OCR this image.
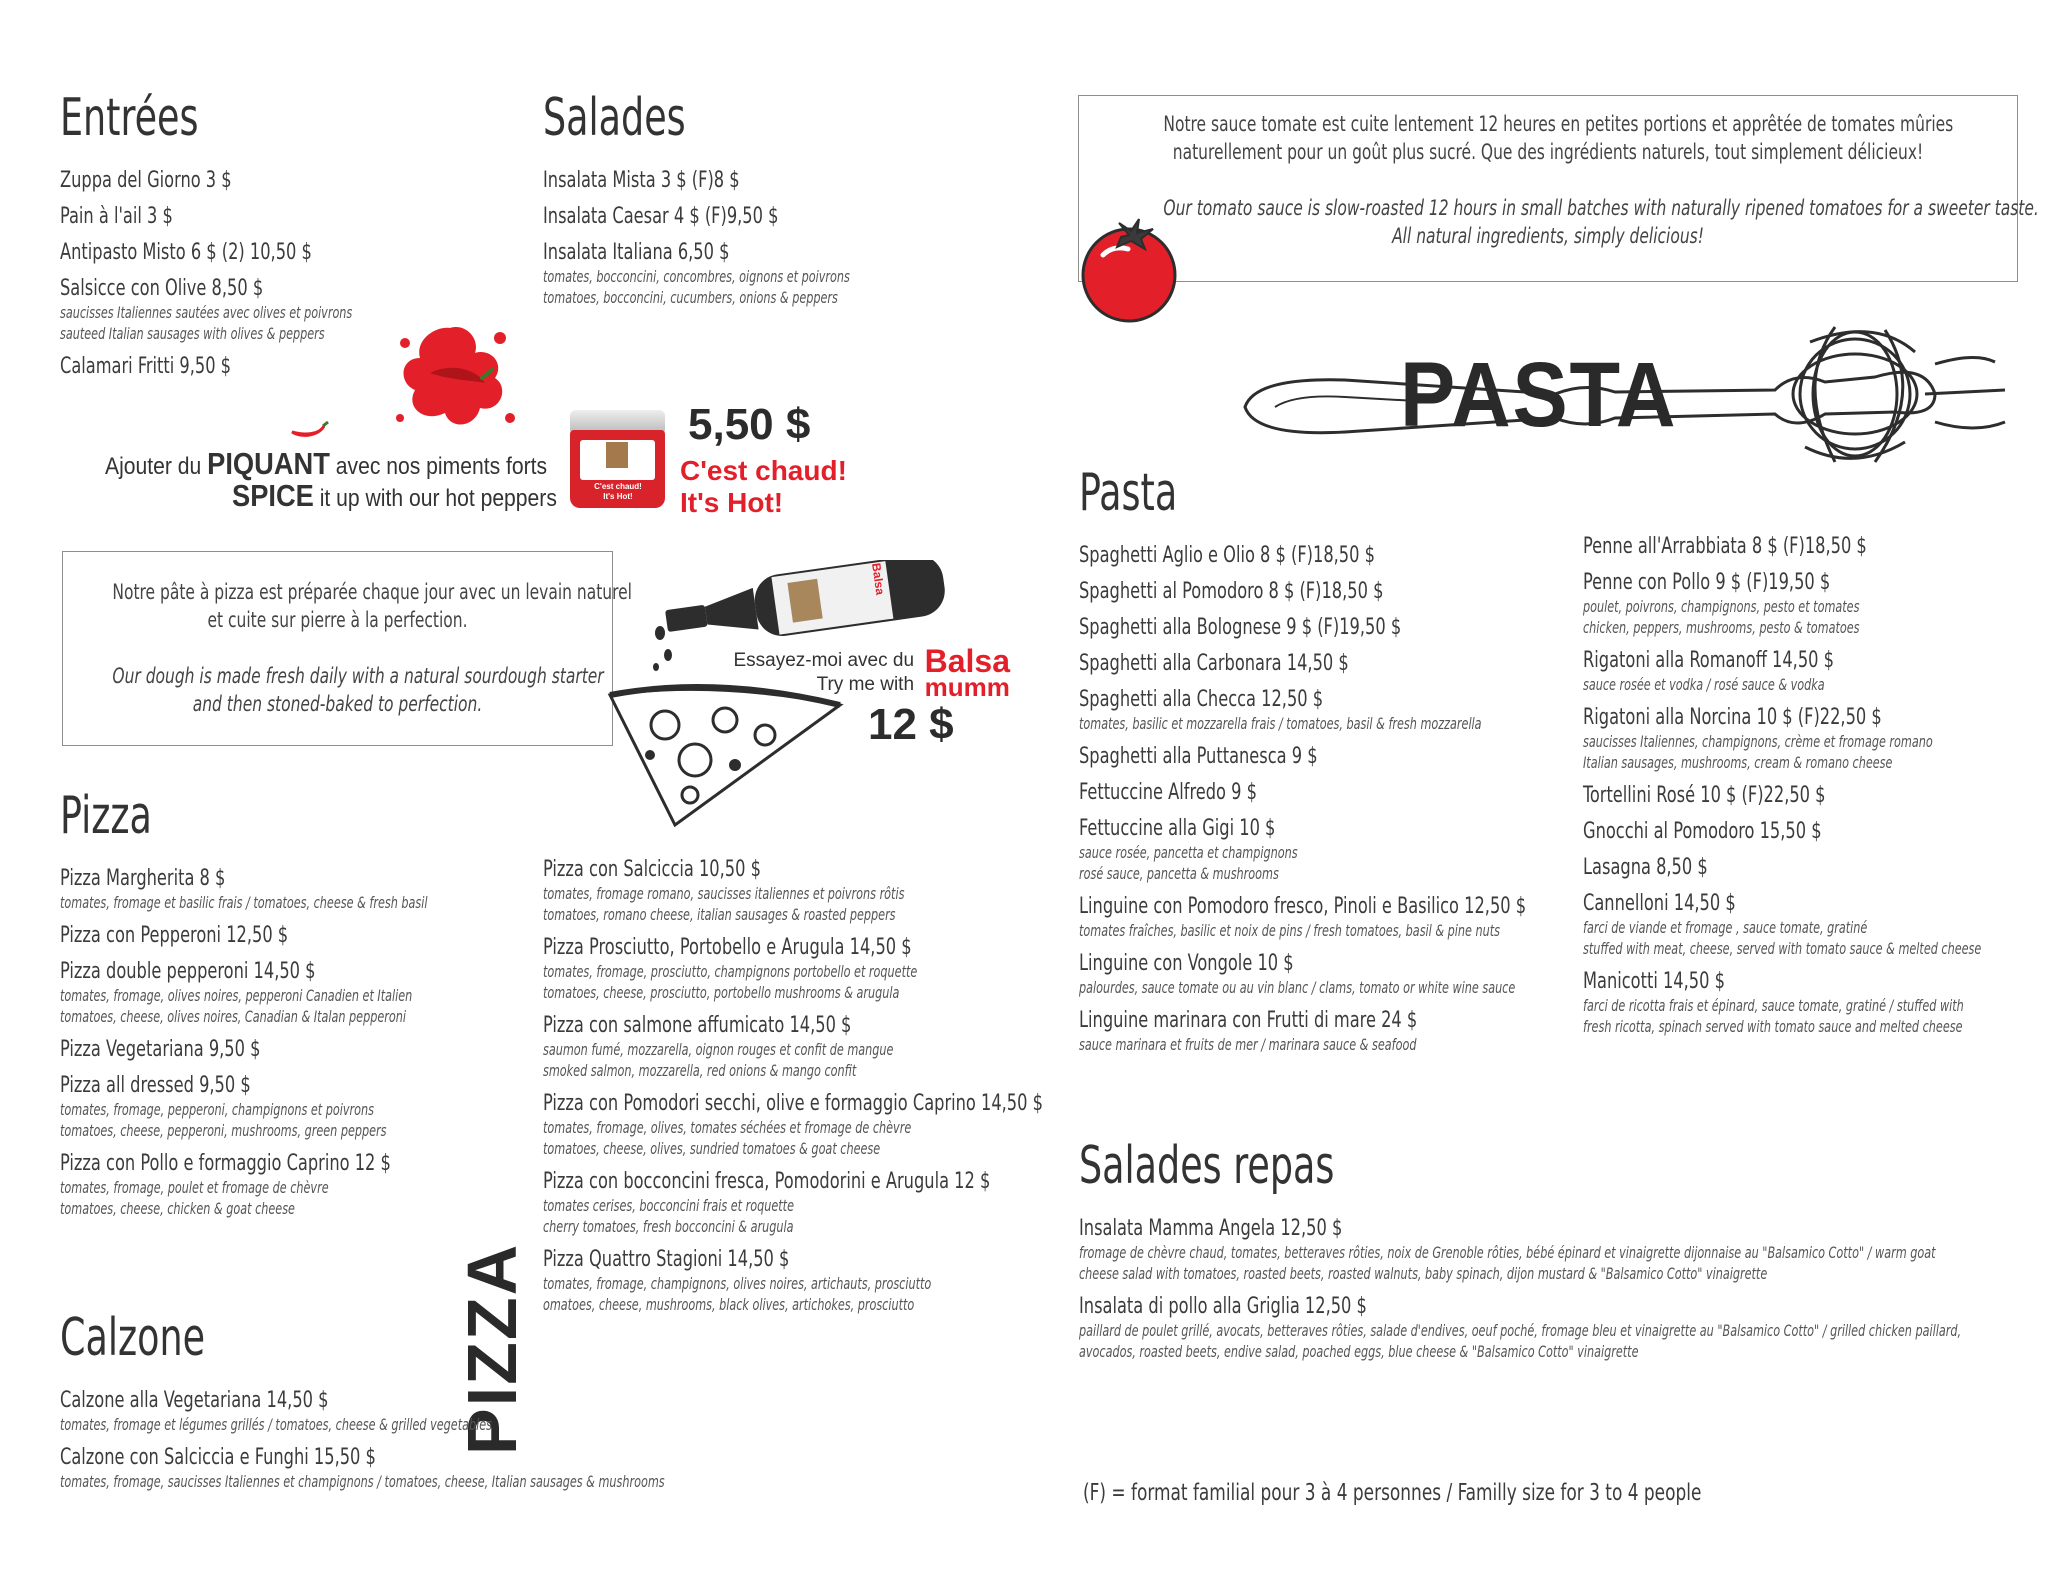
Entrées
Zuppa del Giorno 3 $
Pain à l'ail 3 $
Antipasto Misto 6 $ (2) 10,50 $
Salsicce con Olive 8,50 $
saucisses Italiennes sautées avec olives et poivrons
sauteed Italian sausages with olives & peppers
Calamari Fritti 9,50 $
Salades
Insalata Mista 3 $ (F)8 $
Insalata Caesar 4 $ (F)9,50 $
Insalata Italiana 6,50 $
tomates, bocconcini, concombres, oignons et poivrons
tomatoes, bocconcini, cucumbers, onions & peppers
Ajouter du PIQUANT avec nos piments forts
SPICE it up with our hot peppers	C'est chaud!
It's Hot!
5,50 $
C'est chaud!
It's Hot!
Notre pâte à pizza est préparée chaque jour avec un levain naturel
et cuite sur pierre à la perfection.
Our dough is made fresh daily with a natural sourdough starter
and then stoned-baked to perfection.
Balsa
Essayez-moi avec du
Try me with

Balsa
mumm
12 $
Pizza
Pizza Margherita 8 $
tomates, fromage et basilic frais / tomatoes, cheese & fresh basil
Pizza con Pepperoni 12,50 $
Pizza double pepperoni 14,50 $
tomates, fromage, olives noires, pepperoni Canadien et Italien
tomatoes, cheese, olives noires, Canadian & Italan pepperoni
Pizza Vegetariana 9,50 $
Pizza all dressed 9,50 $
tomates, fromage, pepperoni, champignons et poivrons
tomatoes, cheese, pepperoni, mushrooms, green peppers
Pizza con Pollo e formaggio Caprino 12 $
tomates, fromage, poulet et fromage de chèvre
tomatoes, cheese, chicken & goat cheese
Pizza con Salciccia 10,50 $
tomates, fromage romano, saucisses italiennes et poivrons rôtis
tomatoes, romano cheese, italian sausages & roasted peppers
Pizza Prosciutto, Portobello e Arugula 14,50 $
tomates, fromage, prosciutto, champignons portobello et roquette
tomatoes, cheese, prosciutto, portobello mushrooms & arugula
Pizza con salmone affumicato 14,50 $
saumon fumé, mozzarella, oignon rouges et confit de mangue
smoked salmon, mozzarella, red onions & mango confit
Pizza con Pomodori secchi, olive e formaggio Caprino 14,50 $
tomates, fromage, olives, tomates séchées et fromage de chèvre
tomatoes, cheese, olives, sundried tomatoes & goat cheese
Pizza con bocconcini fresca, Pomodorini e Arugula 12 $
tomates cerises, bocconcini frais et roquette
cherry tomatoes, fresh bocconcini & arugula
Pizza Quattro Stagioni 14,50 $
tomates, fromage, champignons, olives noires, artichauts, prosciutto
omatoes, cheese, mushrooms, black olives, artichokes, prosciutto
PIZZA
Calzone
Calzone alla Vegetariana 14,50 $
tomates, fromage et légumes grillés / tomatoes, cheese & grilled vegetables
Calzone con Salciccia e Funghi 15,50 $
tomates, fromage, saucisses Italiennes et champignons / tomatoes, cheese, Italian sausages & mushrooms
Notre sauce tomate est cuite lentement 12 heures en petites portions et apprêtée de tomates mûries
naturellement pour un goût plus sucré. Que des ingrédients naturels, tout simplement délicieux!
Our tomato sauce is slow-roasted 12 hours in small batches with naturally ripened tomatoes for a sweeter taste.
All natural ingredients, simply delicious!
PASTA
Pasta
Spaghetti Aglio e Olio 8 $ (F)18,50 $
Spaghetti al Pomodoro 8 $ (F)18,50 $
Spaghetti alla Bolognese 9 $ (F)19,50 $
Spaghetti alla Carbonara 14,50 $
Spaghetti alla Checca 12,50 $
tomates, basilic et mozzarella frais / tomatoes, basil & fresh mozzarella
Spaghetti alla Puttanesca 9 $
Fettuccine Alfredo 9 $
Fettuccine alla Gigi 10 $
sauce rosée, pancetta et champignons
rosé sauce, pancetta & mushrooms
Linguine con Pomodoro fresco, Pinoli e Basilico 12,50 $
tomates fraîches, basilic et noix de pins / fresh tomatoes, basil & pine nuts
Linguine con Vongole 10 $
palourdes, sauce tomate ou au vin blanc / clams, tomato or white wine sauce
Linguine marinara con Frutti di mare 24 $
sauce marinara et fruits de mer / marinara sauce & seafood
Penne all'Arrabbiata 8 $ (F)18,50 $
Penne con Pollo 9 $ (F)19,50 $
poulet, poivrons, champignons, pesto et tomates
chicken, peppers, mushrooms, pesto & tomatoes
Rigatoni alla Romanoff 14,50 $
sauce rosée et vodka / rosé sauce & vodka
Rigatoni alla Norcina 10 $ (F)22,50 $
saucisses Italiennes, champignons, crème et fromage romano
Italian sausages, mushrooms, cream & romano cheese
Tortellini Rosé 10 $ (F)22,50 $
Gnocchi al Pomodoro 15,50 $
Lasagna 8,50 $
Cannelloni 14,50 $
farci de viande et fromage , sauce tomate, gratiné
stuffed with meat, cheese, served with tomato sauce & melted cheese
Manicotti 14,50 $
farci de ricotta frais et épinard, sauce tomate, gratiné / stuffed with
fresh ricotta, spinach served with tomato sauce and melted cheese
Salades repas
Insalata Mamma Angela 12,50 $
fromage de chèvre chaud, tomates, betteraves rôties, noix de Grenoble rôties, bébé épinard et vinaigrette dijonnaise au "Balsamico Cotto" / warm goat
cheese salad with tomatoes, roasted beets, roasted walnuts, baby spinach, dijon mustard & "Balsamico Cotto" vinaigrette
Insalata di pollo alla Griglia 12,50 $
paillard de poulet grillé, avocats, betteraves rôties, salade d'endives, oeuf poché, fromage bleu et vinaigrette au "Balsamico Cotto" / grilled chicken paillard,
avocados, roasted beets, endive salad, poached eggs, blue cheese & "Balsamico Cotto" vinaigrette
(F) = format familial pour 3 à 4 personnes / Familly size for 3 to 4 people
